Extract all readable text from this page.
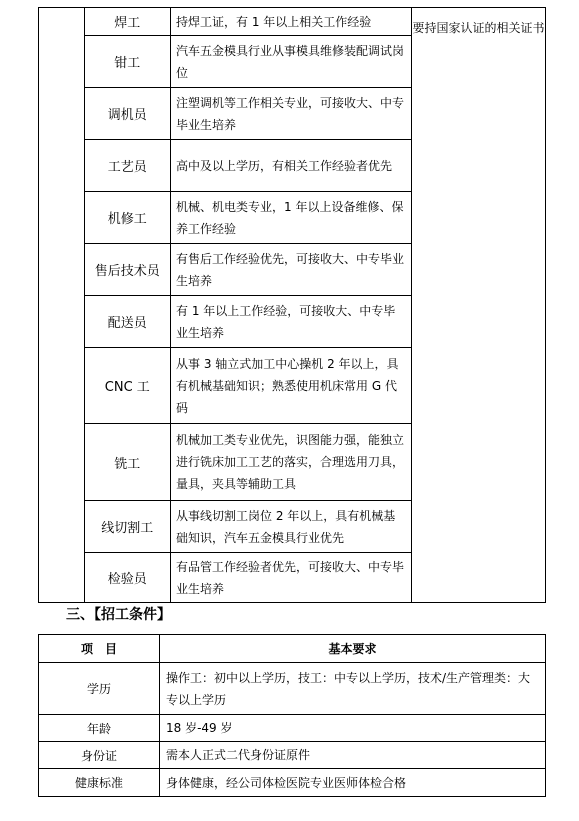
	焊工	持焊工证，有 1 年以上相关工作经验	要持国家认证的相关证书
	钳工	汽车五金模具行业从事模具维修装配调试岗位	
	调机员	注塑调机等工作相关专业，可接收大、中专毕业生培养	
	工艺员	高中及以上学历，有相关工作经验者优先	
	机修工	机械、机电类专业，1 年以上设备维修、保养工作经验	
	售后技术员	有售后工作经验优先，可接收大、中专毕业生培养	
	配送员	有 1 年以上工作经验，可接收大、中专毕业生培养	
	CNC 工	从事 3 轴立式加工中心操机 2 年以上，具有机械基础知识；熟悉使用机床常用 G 代码	
	铣工	机械加工类专业优先，识图能力强，能独立进行铣床加工工艺的落实，合理选用刀具，量具，夹具等辅助工具	
	线切割工	从事线切割工岗位 2 年以上，具有机械基础知识，汽车五金模具行业优先	
	检验员	有品管工作经验者优先，可接收大、中专毕业生培养	
三、【招工条件】
项　目	基本要求
学历	操作工：初中以上学历，技工：中专以上学历，技术/生产管理类：大专以上学历
年龄	18 岁-49 岁
身份证	需本人正式二代身份证原件
健康标准	身体健康，经公司体检医院专业医师体检合格
